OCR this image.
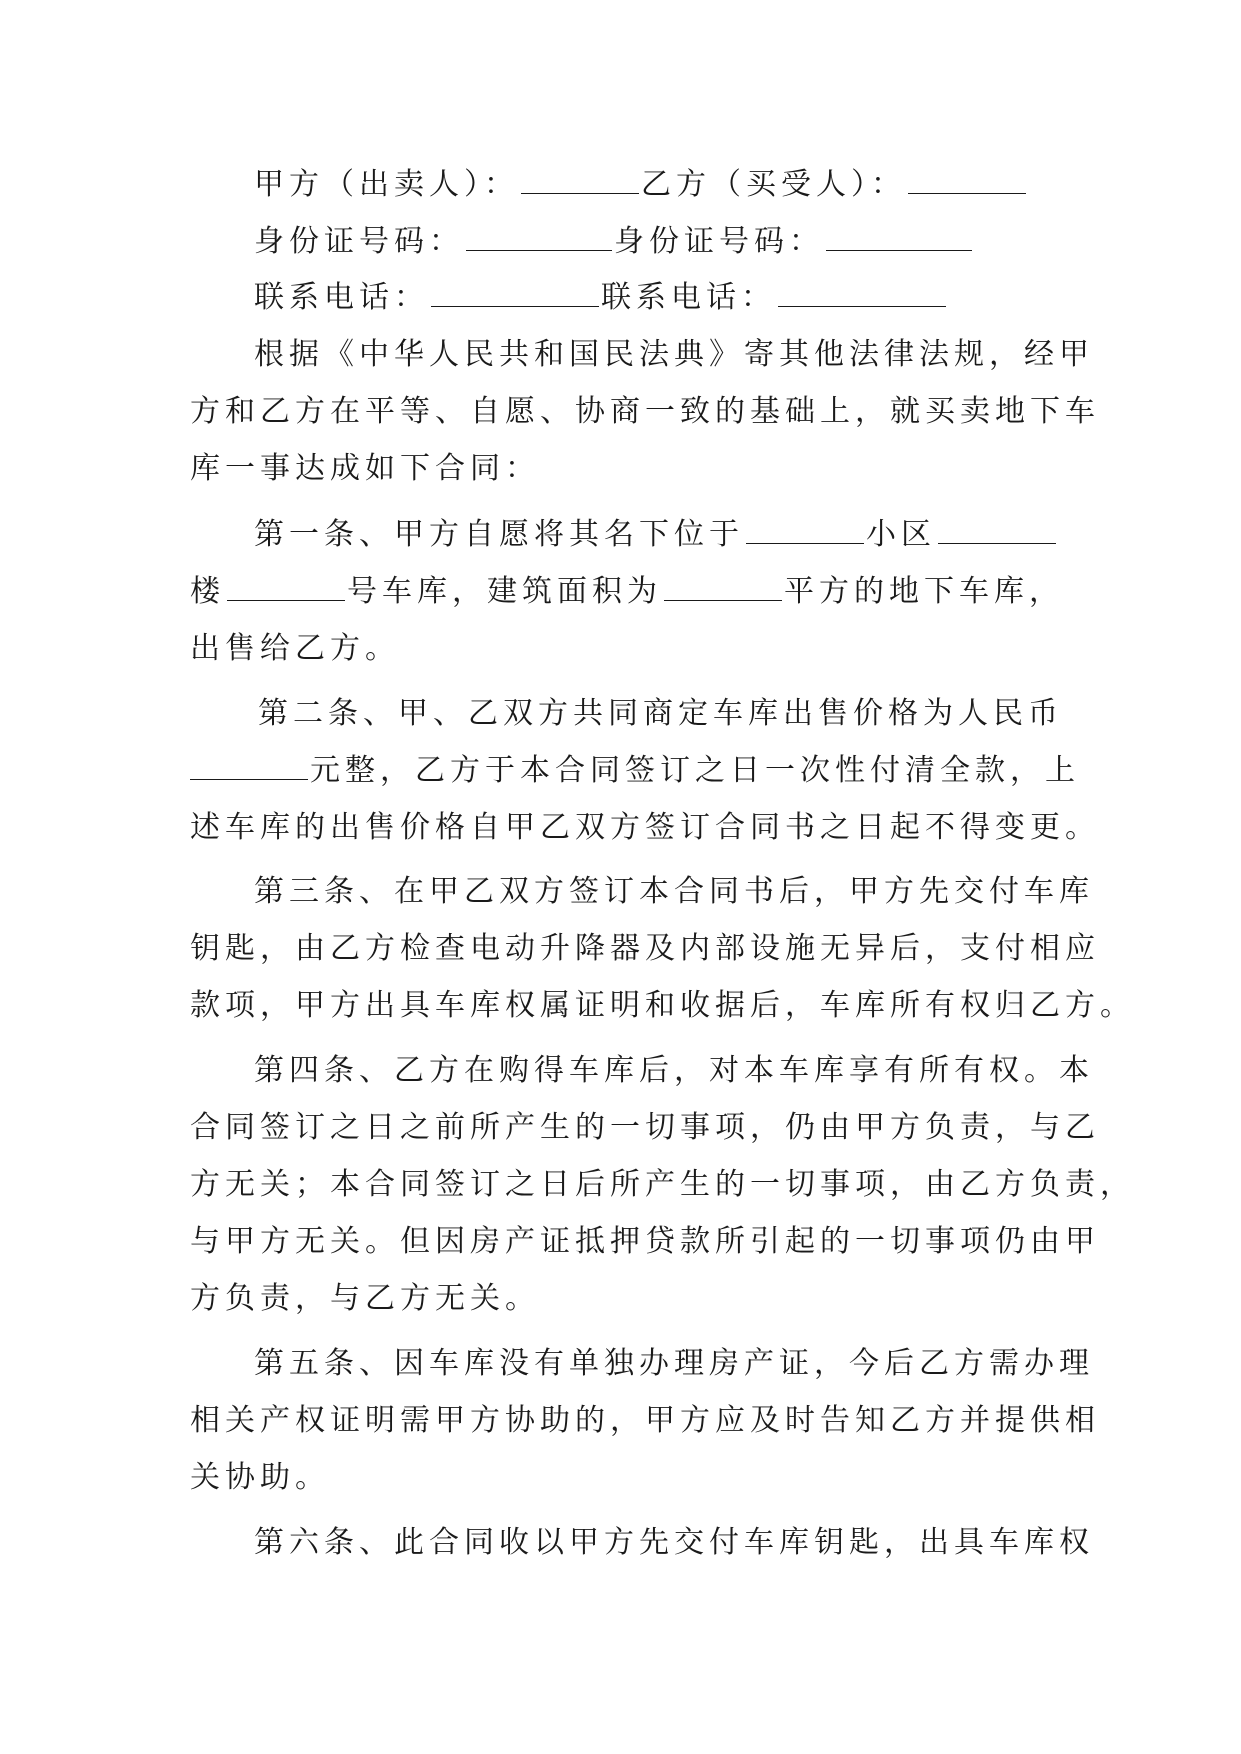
甲方（出卖人）：	乙方（买受人）：
身份证号码：	身份证号码：
联系电话：	联系电话：
根据《中华人民共和国民法典》寄其他法律法规，经甲
方和乙方在平等、自愿、协商一致的基础上，就买卖地下车
库一事达成如下合同：
第一条、甲方自愿将其名下位于	小区
楼	号车库，建筑面积为	平方的地下车库，
出售给乙方。
第二条、甲、乙双方共同商定车库出售价格为人民币
元整，乙方于本合同签订之日一次性付清全款，上
述车库的出售价格自甲乙双方签订合同书之日起不得变更。
第三条、在甲乙双方签订本合同书后，甲方先交付车库
钥匙，由乙方检查电动升降器及内部设施无异后，支付相应
款项，甲方出具车库权属证明和收据后，车库所有权归乙方。
第四条、乙方在购得车库后，对本车库享有所有权。本
合同签订之日之前所产生的一切事项，仍由甲方负责，与乙
方无关；本合同签订之日后所产生的一切事项，由乙方负责，
与甲方无关。但因房产证抵押贷款所引起的一切事项仍由甲
方负责，与乙方无关。
第五条、因车库没有单独办理房产证，今后乙方需办理
相关产权证明需甲方协助的，甲方应及时告知乙方并提供相
关协助。
第六条、此合同收以甲方先交付车库钥匙，出具车库权
